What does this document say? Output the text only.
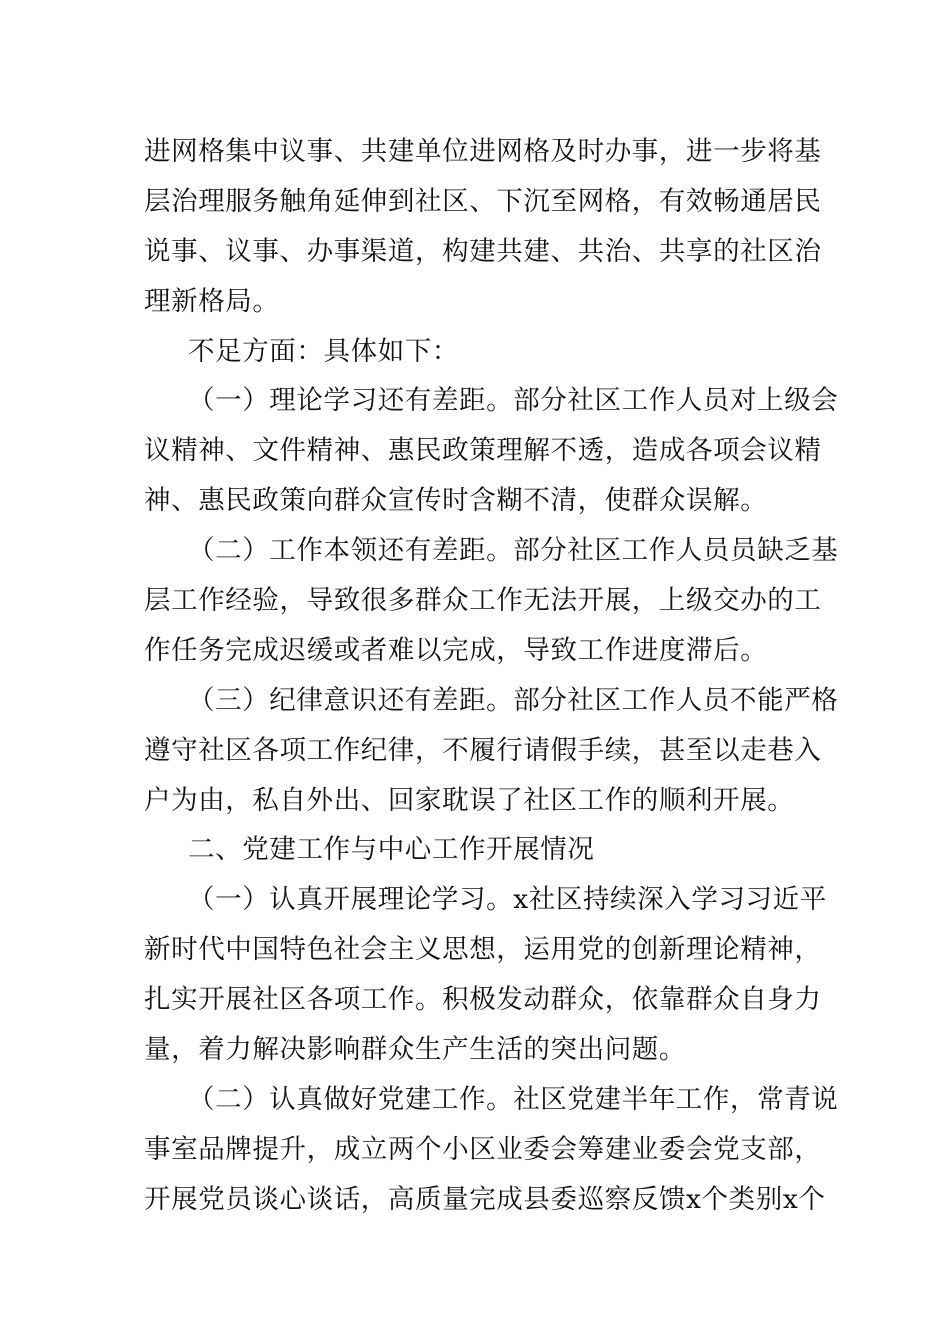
进网格集中议事、共建单位进网格及时办事，进一步将基
层治理服务触角延伸到社区、下沉至网格，有效畅通居民
说事、议事、办事渠道，构建共建、共治、共享的社区治
理新格局。
不足方面：具体如下：
（一）理论学习还有差距。部分社区工作人员对上级会
议精神、文件精神、惠民政策理解不透，造成各项会议精
神、惠民政策向群众宣传时含糊不清，使群众误解。
（二）工作本领还有差距。部分社区工作人员员缺乏基
层工作经验，导致很多群众工作无法开展，上级交办的工
作任务完成迟缓或者难以完成，导致工作进度滞后。
（三）纪律意识还有差距。部分社区工作人员不能严格
遵守社区各项工作纪律，不履行请假手续，甚至以走巷入
户为由，私自外出、回家耽误了社区工作的顺利开展。
二、党建工作与中心工作开展情况
（一）认真开展理论学习。x社区持续深入学习习近平
新时代中国特色社会主义思想，运用党的创新理论精神，
扎实开展社区各项工作。积极发动群众，依靠群众自身力
量，着力解决影响群众生产生活的突出问题。
（二）认真做好党建工作。社区党建半年工作，常青说
事室品牌提升，成立两个小区业委会筹建业委会党支部，
开展党员谈心谈话，高质量完成县委巡察反馈x个类别x个
